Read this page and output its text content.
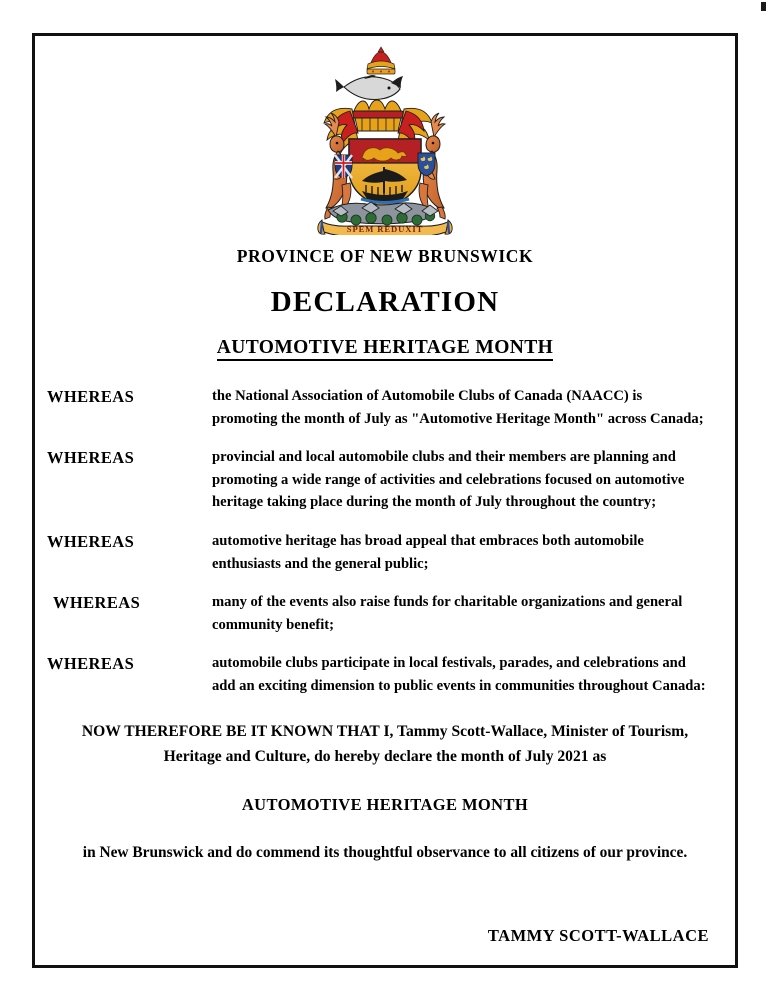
SPEM REDUXIT
PROVINCE OF NEW BRUNSWICK
DECLARATION
AUTOMOTIVE HERITAGE MONTH
WHEREAS	the National Association of Automobile Clubs of Canada (NAACC) is promoting the month of July as "Automotive Heritage Month" across Canada;
WHEREAS	provincial and local automobile clubs and their members are planning and promoting a wide range of activities and celebrations focused on automotive heritage taking place during the month of July throughout the country;
WHEREAS	automotive heritage has broad appeal that embraces both automobile enthusiasts and the general public;
WHEREAS	many of the events also raise funds for charitable organizations and general community benefit;
WHEREAS	automobile clubs participate in local festivals, parades, and celebrations and add an exciting dimension to public events in communities throughout Canada:
NOW THEREFORE BE IT KNOWN THAT I, Tammy Scott-Wallace, Minister of Tourism, Heritage and Culture, do hereby declare the month of July 2021 as
AUTOMOTIVE HERITAGE MONTH
in New Brunswick and do commend its thoughtful observance to all citizens of our province.
TAMMY SCOTT-WALLACE
